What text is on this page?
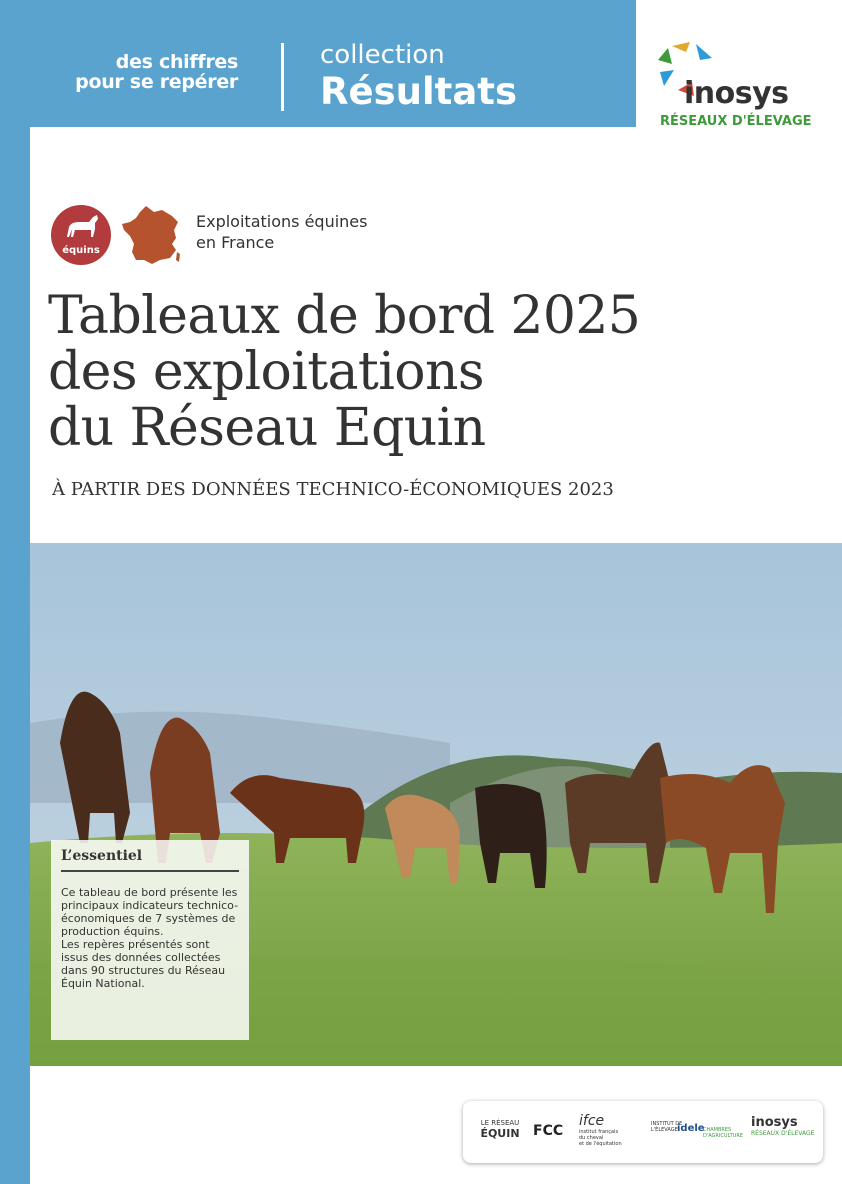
des chiffres
pour se repérer
collection
Résultats	inosys
RÉSEAUX D'ÉLEVAGE
équins
Exploitations équines
en France
Tableaux de bord 2025
des exploitations
du Réseau Equin
À PARTIR DES DONNÉES TECHNICO-ÉCONOMIQUES 2023
L’essentiel

Ce tableau de bord présente les principaux indicateurs technico-économiques de 7 systèmes de production équins.

Les repères présentés sont issus des données collectées dans 90 structures du Réseau Équin National.

LE RÉSEAU
ÉQUIN FCC
ifce
institut français
du cheval
et de l'équitation
INSTITUT DE
L'ÉLEVAGE idele
CHAMBRES
D'AGRICULTURE
inosys
RÉSEAUX D'ÉLEVAGE
